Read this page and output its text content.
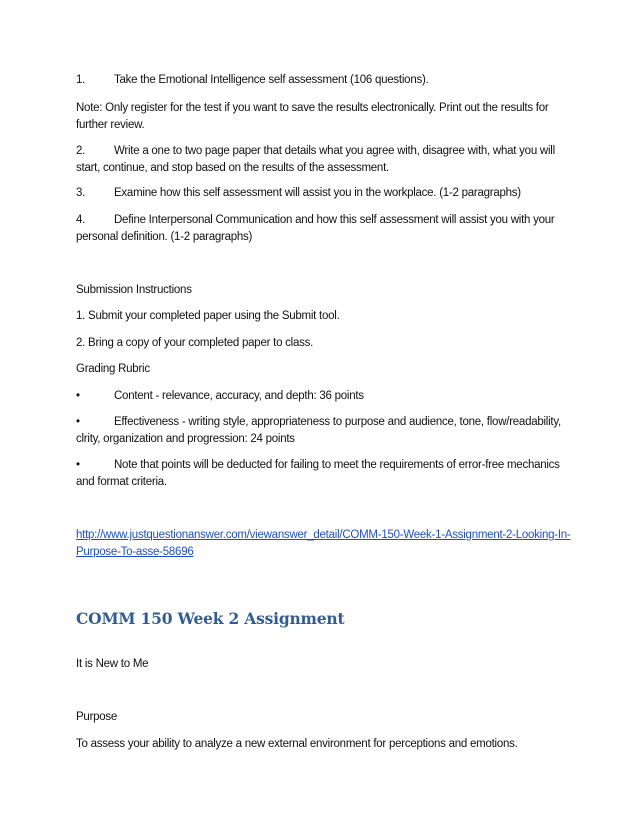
1.	Take the Emotional Intelligence self assessment (106 questions).
Note: Only register for the test if you want to save the results electronically. Print out the results for
further review.
2.	Write a one to two page paper that details what you agree with, disagree with, what you will
start, continue, and stop based on the results of the assessment.
3.	Examine how this self assessment will assist you in the workplace. (1-2 paragraphs)
4.	Define Interpersonal Communication and how this self assessment will assist you with your
personal definition. (1-2 paragraphs)
Submission Instructions
1. Submit your completed paper using the Submit tool.
2. Bring a copy of your completed paper to class.
Grading Rubric
•	Content - relevance, accuracy, and depth: 36 points
•	Effectiveness - writing style, appropriateness to purpose and audience, tone, flow/readability,
clrity, organization and progression: 24 points
•	Note that points will be deducted for failing to meet the requirements of error-free mechanics
and format criteria.
http://www.justquestionanswer.com/viewanswer_detail/COMM-150-Week-1-Assignment-2-Looking-In-
Purpose-To-asse-58696
COMM 150 Week 2 Assignment
It is New to Me
Purpose
To assess your ability to analyze a new external environment for perceptions and emotions.
